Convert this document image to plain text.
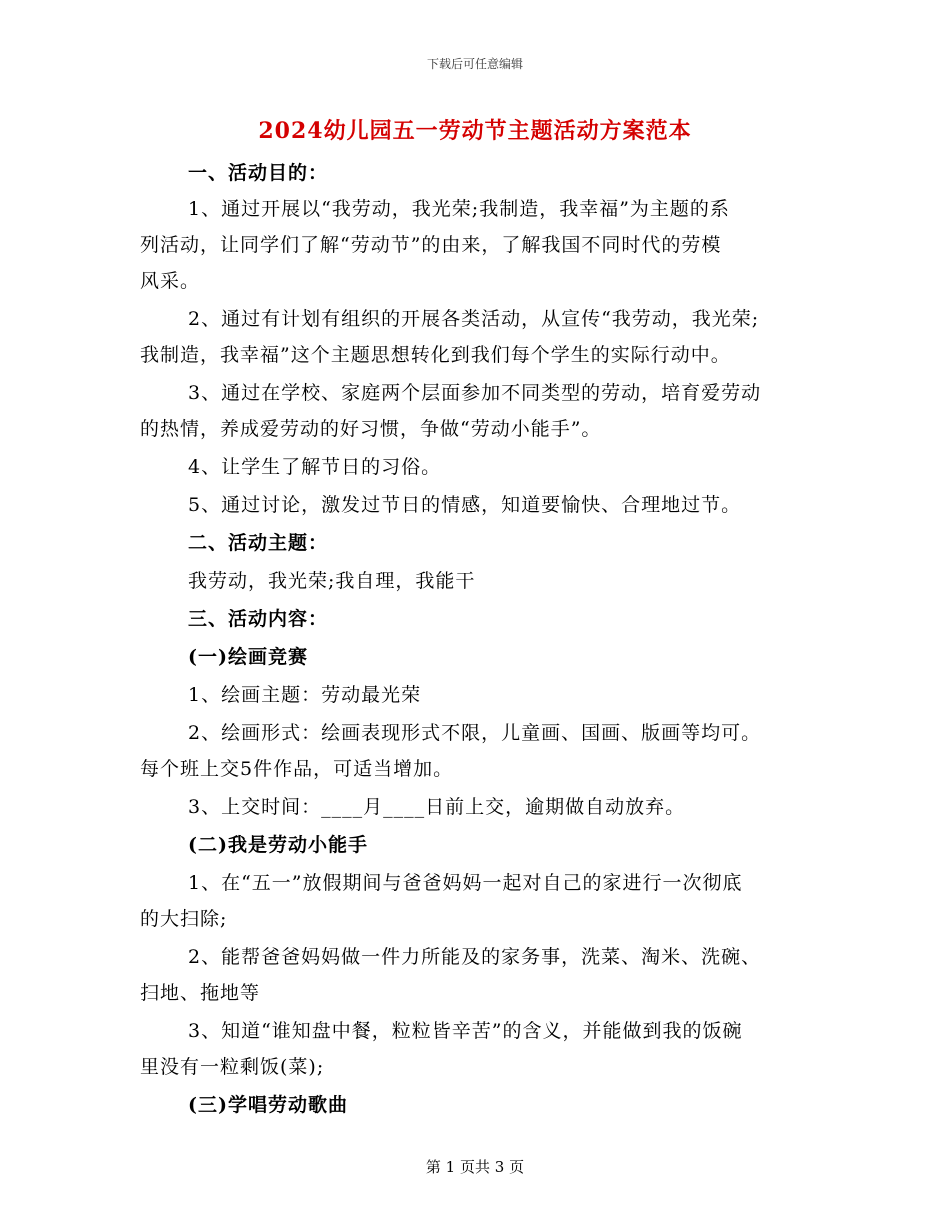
下载后可任意编辑
2024幼儿园五一劳动节主题活动方案范本
一、活动目的：
1、通过开展以“我劳动，我光荣;我制造，我幸福”为主题的系
列活动，让同学们了解“劳动节”的由来，了解我国不同时代的劳模
风采。
2、通过有计划有组织的开展各类活动，从宣传“我劳动，我光荣;
我制造，我幸福”这个主题思想转化到我们每个学生的实际行动中。
3、通过在学校、家庭两个层面参加不同类型的劳动，培育爱劳动
的热情，养成爱劳动的好习惯，争做“劳动小能手”。
4、让学生了解节日的习俗。
5、通过讨论，激发过节日的情感，知道要愉快、合理地过节。
二、活动主题：
我劳动，我光荣;我自理，我能干
三、活动内容：
(一)绘画竞赛
1、绘画主题：劳动最光荣
2、绘画形式：绘画表现形式不限，儿童画、国画、版画等均可。
每个班上交5件作品，可适当增加。
3、上交时间：____月____日前上交，逾期做自动放弃。
(二)我是劳动小能手
1、在“五一”放假期间与爸爸妈妈一起对自己的家进行一次彻底
的大扫除;
2、能帮爸爸妈妈做一件力所能及的家务事，洗菜、淘米、洗碗、
扫地、拖地等
3、知道“谁知盘中餐，粒粒皆辛苦”的含义，并能做到我的饭碗
里没有一粒剩饭(菜);
(三)学唱劳动歌曲
第 1 页共 3 页
